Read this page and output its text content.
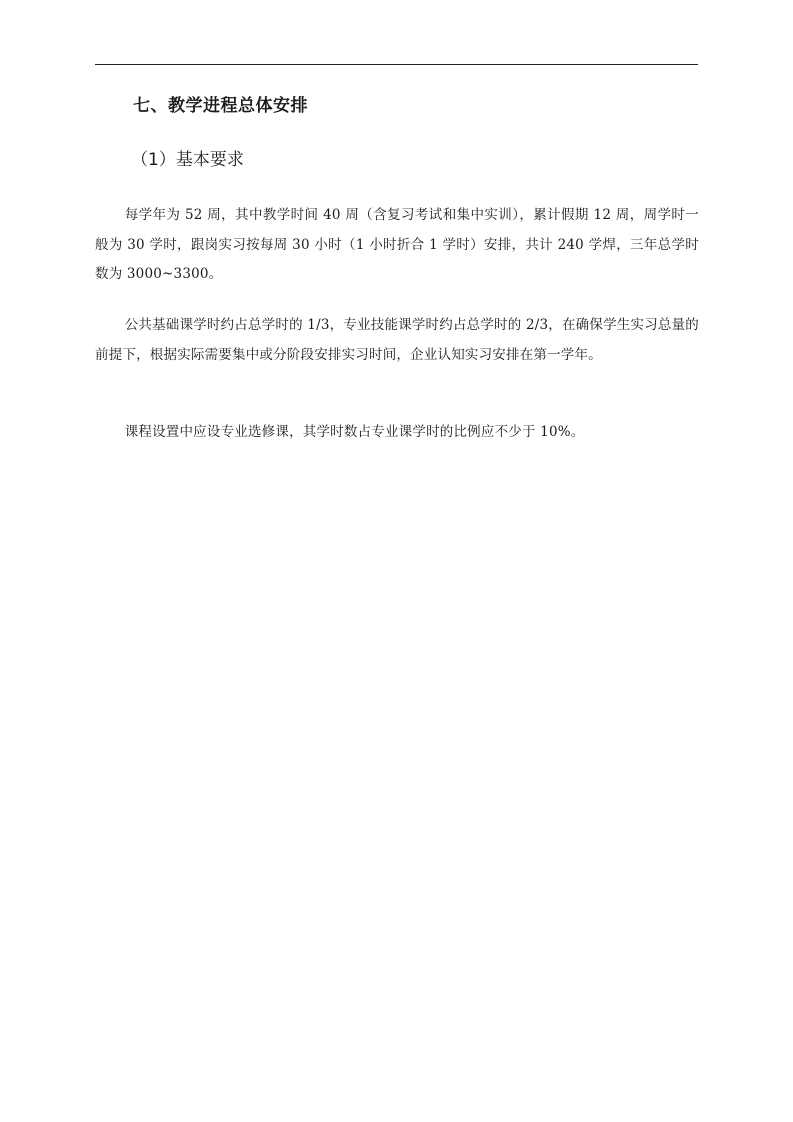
七、教学进程总体安排
（1）基本要求

每学年为 52 周，其中教学时间 40 周（含复习考试和集中实训），累计假期 12 周，周学时一般为 30 学时，跟岗实习按每周 30 小时（1 小时折合 1 学时）安排，共计 240 学焊，三年总学时数为 3000~3300。

公共基础课学时约占总学时的 1/3，专业技能课学时约占总学时的 2/3，在确保学生实习总量的前提下，根据实际需要集中或分阶段安排实习时间，企业认知实习安排在第一学年。

课程设置中应设专业选修课，其学时数占专业课学时的比例应不少于 10%。
